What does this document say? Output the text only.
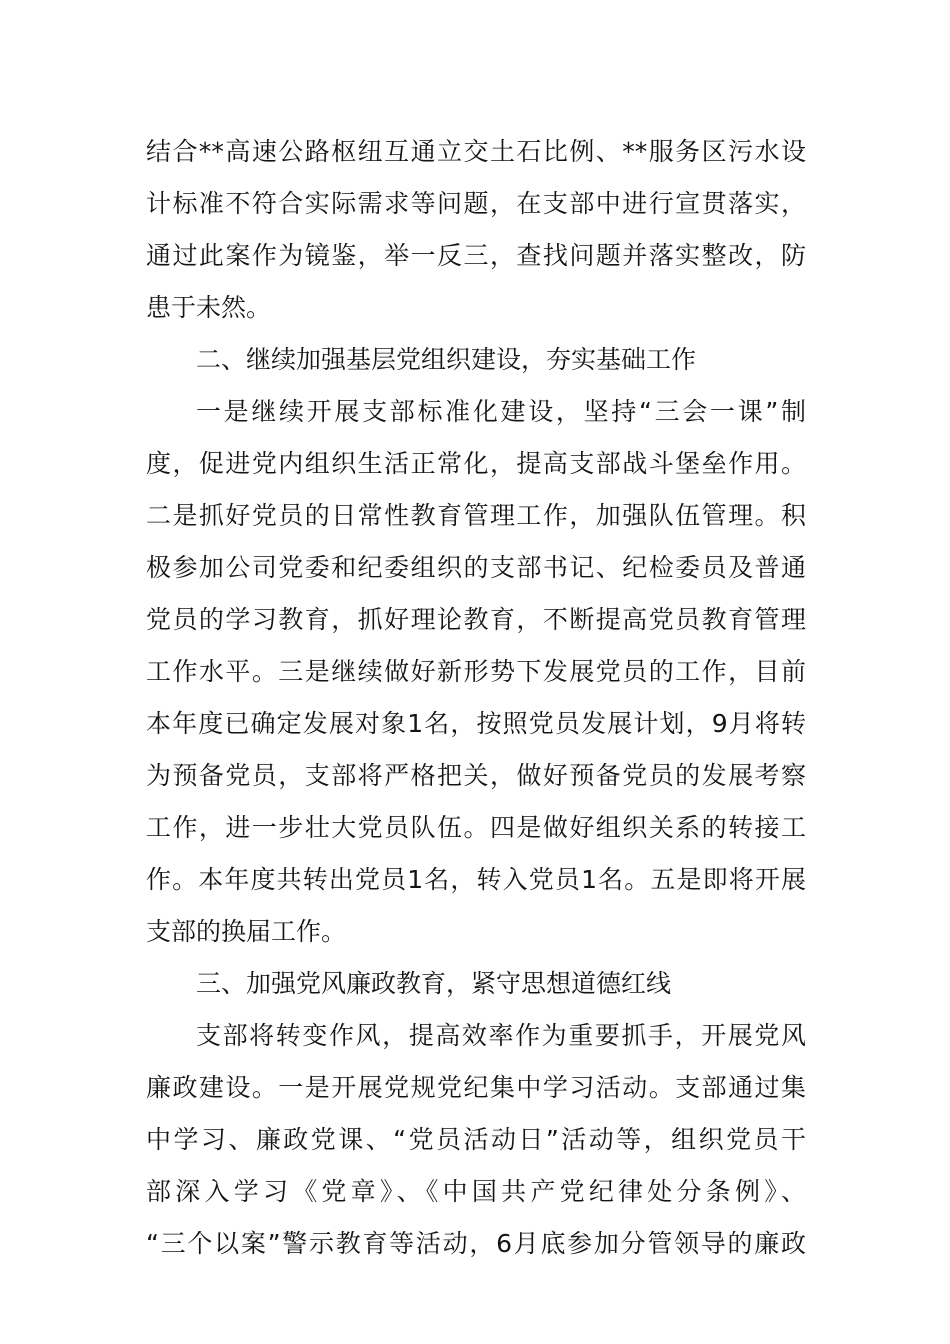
结合**高速公路枢纽互通立交土石比例、**服务区污水设
计标准不符合实际需求等问题，在支部中进行宣贯落实，
通过此案作为镜鉴，举一反三，查找问题并落实整改，防
患于未然。
二、继续加强基层党组织建设，夯实基础工作
一是继续开展支部标准化建设，坚持“三会一课”制
度，促进党内组织生活正常化，提高支部战斗堡垒作用。
二是抓好党员的日常性教育管理工作，加强队伍管理。积
极参加公司党委和纪委组织的支部书记、纪检委员及普通
党员的学习教育，抓好理论教育，不断提高党员教育管理
工作水平。三是继续做好新形势下发展党员的工作，目前
本年度已确定发展对象1名，按照党员发展计划，9月将转
为预备党员，支部将严格把关，做好预备党员的发展考察
工作，进一步壮大党员队伍。四是做好组织关系的转接工
作。本年度共转出党员1名，转入党员1名。五是即将开展
支部的换届工作。
三、加强党风廉政教育，紧守思想道德红线
支部将转变作风，提高效率作为重要抓手，开展党风
廉政建设。一是开展党规党纪集中学习活动。支部通过集
中学习、廉政党课、“党员活动日”活动等，组织党员干
部深入学习《党章》、《中国共产党纪律处分条例》、
“三个以案”警示教育等活动，6月底参加分管领导的廉政
